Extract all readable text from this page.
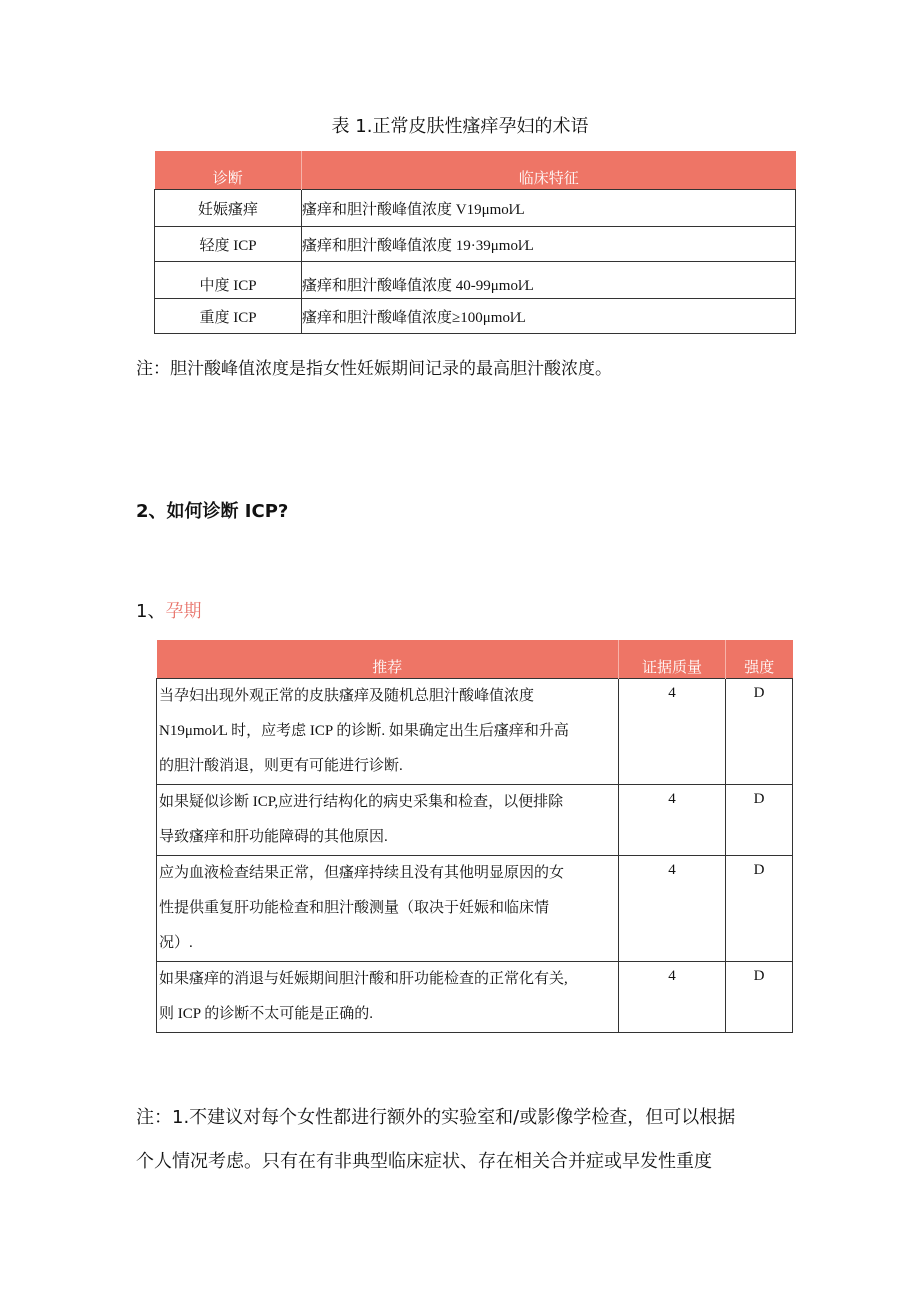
表 1.正常皮肤性瘙痒孕妇的术语
诊断	临床特征
妊娠瘙痒	瘙痒和胆汁酸峰值浓度 V19μmol⁄L
轻度 ICP	瘙痒和胆汁酸峰值浓度 19·39μmol⁄L
中度 ICP	瘙痒和胆汁酸峰值浓度 40-99μmol⁄L
重度 ICP	瘙痒和胆汁酸峰值浓度≥100μmol⁄L
注：胆汁酸峰值浓度是指女性妊娠期间记录的最高胆汁酸浓度。
2、如何诊断 ICP?
1、孕期
推荐	证据质量	强度

当孕妇出现外观正常的皮肤瘙痒及随机总胆汁酸峰值浓度
N19μmol⁄L 时，应考虑 ICP 的诊断. 如果确定出生后瘙痒和升高
的胆汁酸消退，则更有可能进行诊断.	4	D

如果疑似诊断 ICP,应进行结构化的病史采集和检查，以便排除
导致瘙痒和肝功能障碍的其他原因.	4	D

应为血液检查结果正常，但瘙痒持续且没有其他明显原因的女
性提供重复肝功能检查和胆汁酸测量（取决于妊娠和临床情
况）.	4	D

如果瘙痒的消退与妊娠期间胆汁酸和肝功能检查的正常化有关,
则 ICP 的诊断不太可能是正确的.	4	D
注：1.不建议对每个女性都进行额外的实验室和/或影像学检查，但可以根据
个人情况考虑。只有在有非典型临床症状、存在相关合并症或早发性重度
